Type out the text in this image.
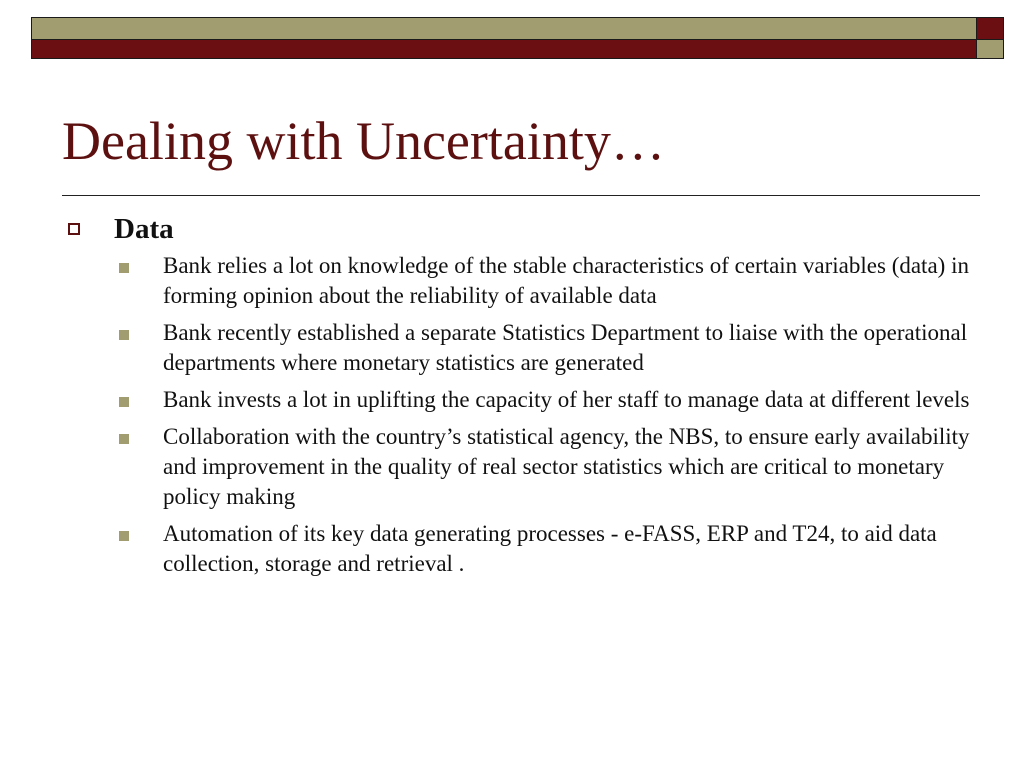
Dealing with Uncertainty…
Data
Bank relies a lot on knowledge of the stable characteristics of certain variables (data) in forming opinion about the reliability of available data
Bank recently established a separate Statistics Department to liaise with the operational departments where monetary statistics are generated
Bank invests a lot in uplifting the capacity of her staff to manage data at different levels
Collaboration with the country’s statistical agency, the NBS, to ensure early availability and improvement in the quality of real sector statistics which are critical to monetary policy making
Automation of its key data generating processes - e-FASS, ERP and T24, to aid data collection, storage and retrieval .
